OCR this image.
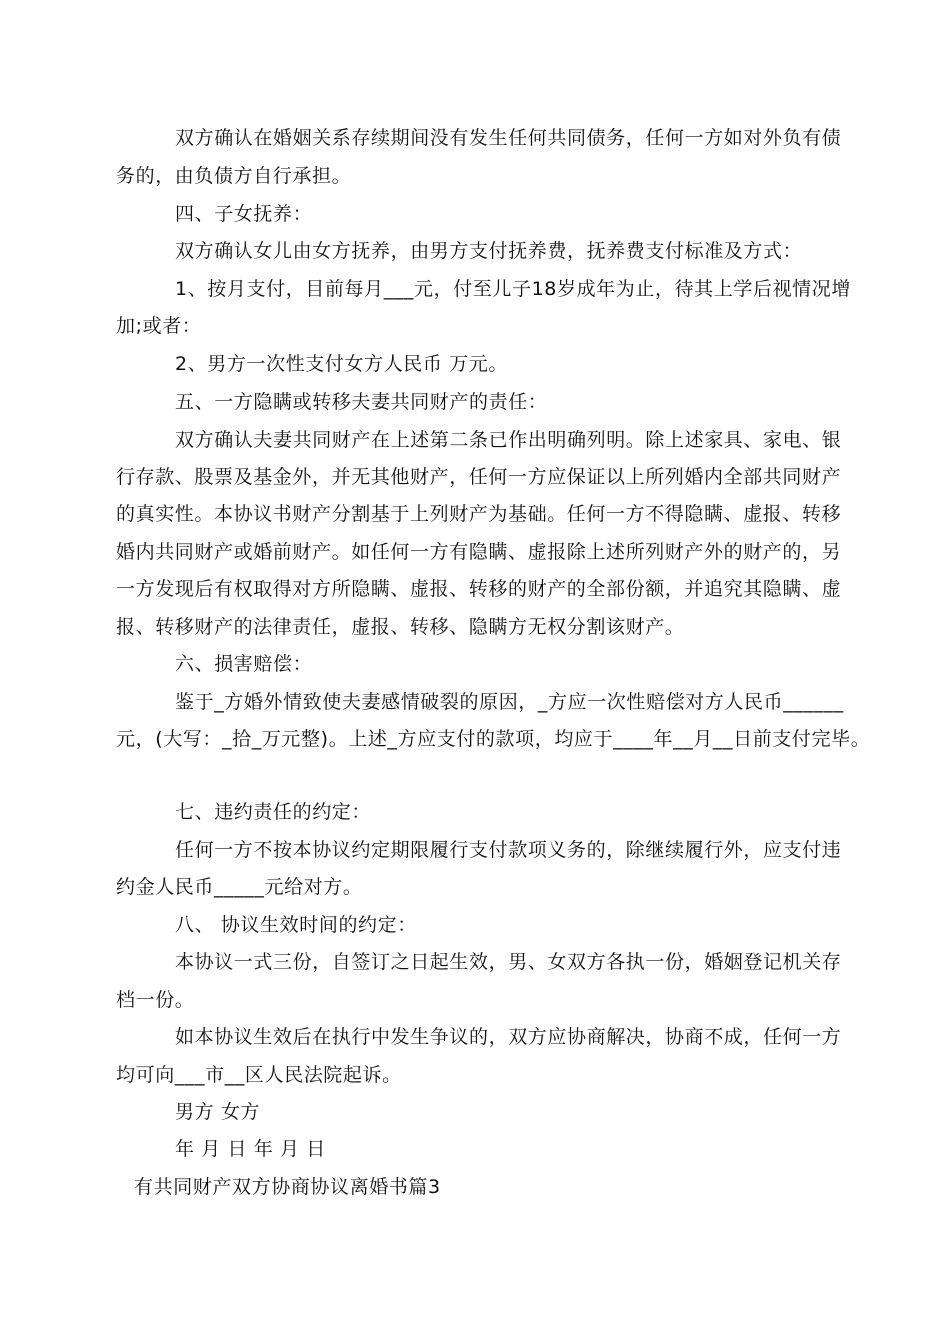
双方确认在婚姻关系存续期间没有发生任何共同债务，任何一方如对外负有债

务的，由负债方自行承担。

四、子女抚养：

双方确认女儿由女方抚养，由男方支付抚养费，抚养费支付标准及方式：

1、按月支付，目前每月___元，付至儿子18岁成年为止，待其上学后视情况增

加;或者：

2、男方一次性支付女方人民币 万元。

五、一方隐瞒或转移夫妻共同财产的责任：

双方确认夫妻共同财产在上述第二条已作出明确列明。除上述家具、家电、银

行存款、股票及基金外，并无其他财产，任何一方应保证以上所列婚内全部共同财产

的真实性。本协议书财产分割基于上列财产为基础。任何一方不得隐瞒、虚报、转移

婚内共同财产或婚前财产。如任何一方有隐瞒、虚报除上述所列财产外的财产的，另

一方发现后有权取得对方所隐瞒、虚报、转移的财产的全部份额，并追究其隐瞒、虚

报、转移财产的法律责任，虚报、转移、隐瞒方无权分割该财产。

六、损害赔偿：

鉴于_方婚外情致使夫妻感情破裂的原因，_方应一次性赔偿对方人民币______

元，(大写：_拾_万元整)。上述_方应支付的款项，均应于____年__月__日前支付完毕。

七、违约责任的约定：

任何一方不按本协议约定期限履行支付款项义务的，除继续履行外，应支付违

约金人民币_____元给对方。

八、 协议生效时间的约定：

本协议一式三份，自签订之日起生效，男、女双方各执一份，婚姻登记机关存

档一份。

如本协议生效后在执行中发生争议的，双方应协商解决，协商不成，任何一方

均可向___市__区人民法院起诉。

男方 女方

年 月 日 年 月 日

有共同财产双方协商协议离婚书篇3
